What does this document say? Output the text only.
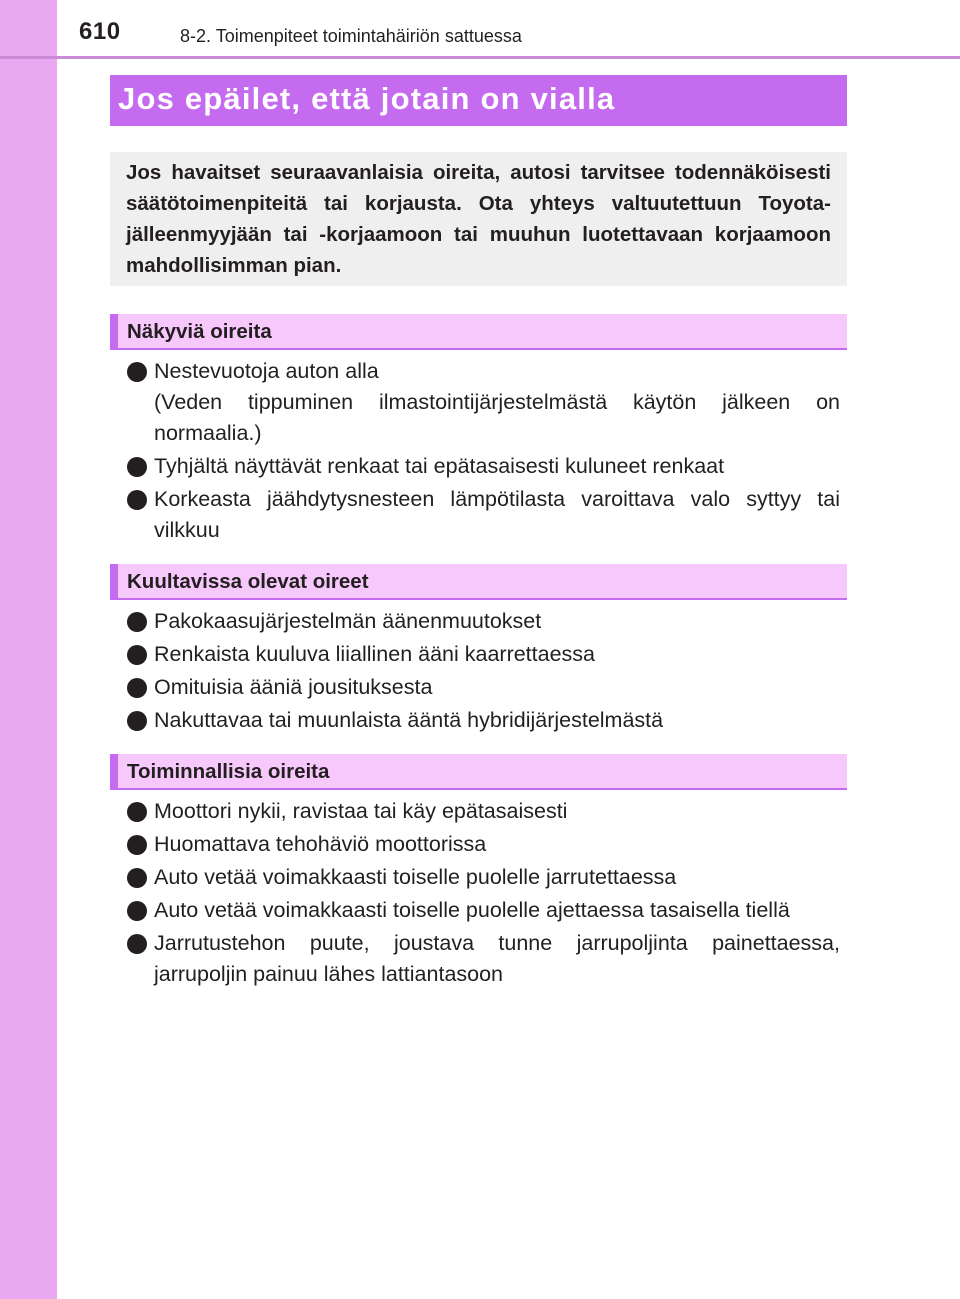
610	8-2. Toimenpiteet toimintahäiriön sattuessa
Jos epäilet, että jotain on vialla

Jos havaitset seuraavanlaisia oireita, autosi tarvitsee todennäköisesti säätötoimenpiteitä tai korjausta. Ota yhteys valtuutettuun Toyota-jälleenmyyjään tai -korjaamoon tai muuhun luotettavaan korjaamoon mahdollisimman pian.

Näkyviä oireita
Nestevuotoja auton alla
(Veden tippuminen ilmastointijärjestelmästä käytön jälkeen on normaalia.)
Tyhjältä näyttävät renkaat tai epätasaisesti kuluneet renkaat
Korkeasta jäähdytysnesteen lämpötilasta varoittava valo syttyy tai vilkkuu
Kuultavissa olevat oireet
Pakokaasujärjestelmän äänenmuutokset
Renkaista kuuluva liiallinen ääni kaarrettaessa
Omituisia ääniä jousituksesta
Nakuttavaa tai muunlaista ääntä hybridijärjestelmästä
Toiminnallisia oireita
Moottori nykii, ravistaa tai käy epätasaisesti
Huomattava tehohäviö moottorissa
Auto vetää voimakkaasti toiselle puolelle jarrutettaessa
Auto vetää voimakkaasti toiselle puolelle ajettaessa tasaisella tiellä
Jarrutustehon puute, joustava tunne jarrupoljinta painettaessa, jarrupoljin painuu lähes lattiantasoon
